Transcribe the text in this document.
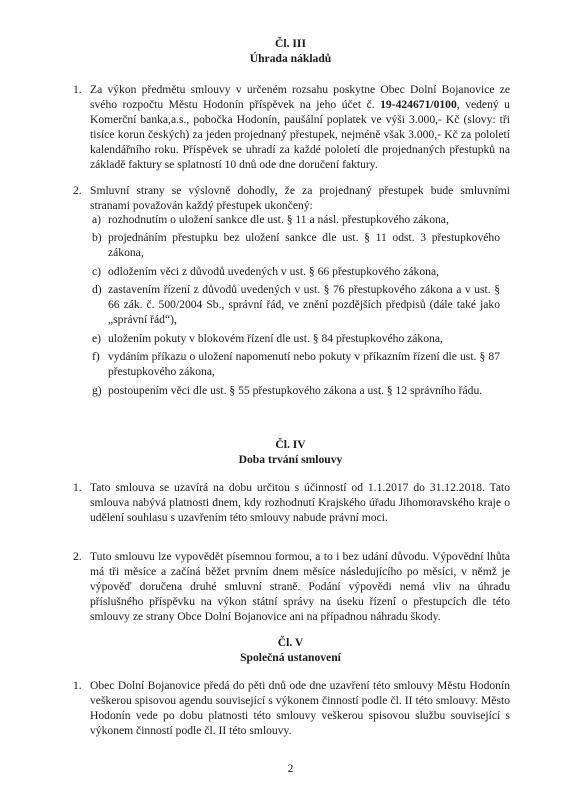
Čl. III
Úhrada nákladů
1. Za výkon předmětu smlouvy v určeném rozsahu poskytne Obec Dolní Bojanovice ze svého rozpočtu Městu Hodonín příspěvek na jeho účet č. 19-424671/0100, vedený u Komerční banka,a.s., pobočka Hodonín, paušální poplatek ve výši 3.000,- Kč (slovy: tři tisíce korun českých) za jeden projednaný přestupek, nejméně však 3.000,- Kč za pololetí kalendářního roku. Příspěvek se uhradí za každé pololetí dle projednaných přestupků na základě faktury se splatností 10 dnů ode dne doručení faktury.
2. Smluvní strany se výslovně dohodly, že za projednaný přestupek bude smluvními stranami považován každý přestupek ukončený:
a) rozhodnutím o uložení sankce dle ust. § 11 a násl. přestupkového zákona,
b) projednáním přestupku bez uložení sankce dle ust. § 11 odst. 3 přestupkového zákona,
c) odložením věci z důvodů uvedených v ust. § 66 přestupkového zákona,
d) zastavením řízení z důvodů uvedených v ust. § 76 přestupkového zákona a v ust. § 66 zák. č. 500/2004 Sb., správní řád, ve znění pozdějších předpisů (dále také jako „správní řád“),
e) uložením pokuty v blokovém řízení dle ust. § 84 přestupkového zákona,
f) vydáním příkazu o uložení napomenutí nebo pokuty v příkazním řízení dle ust. § 87 přestupkového zákona,
g) postoupením věci dle ust. § 55 přestupkového zákona a ust. § 12 správního řádu.
Čl. IV
Doba trvání smlouvy
1. Tato smlouva se uzavírá na dobu určitou s účinností od 1.1.2017 do 31.12.2018. Tato smlouva nabývá platnosti dnem, kdy rozhodnutí Krajského úřadu Jihomoravského kraje o udělení souhlasu s uzavřením této smlouvy nabude právní moci.
2. Tuto smlouvu lze vypovědět písemnou formou, a to i bez udání důvodu. Výpovědní lhůta má tři měsíce a začíná běžet prvním dnem měsíce následujícího po měsíci, v němž je výpověď doručena druhé smluvní straně. Podání výpovědi nemá vliv na úhradu příslušného příspěvku na výkon státní správy na úseku řízení o přestupcích dle této smlouvy ze strany Obce Dolní Bojanovice ani na případnou náhradu škody.
Čl. V
Společná ustanovení
1. Obec Dolní Bojanovice předá do pěti dnů ode dne uzavření této smlouvy Městu Hodonín veškerou spisovou agendu související s výkonem činností podle čl. II této smlouvy. Město Hodonín vede po dobu platnosti této smlouvy veškerou spisovou službu související s výkonem činností podle čl. II této smlouvy.
2
